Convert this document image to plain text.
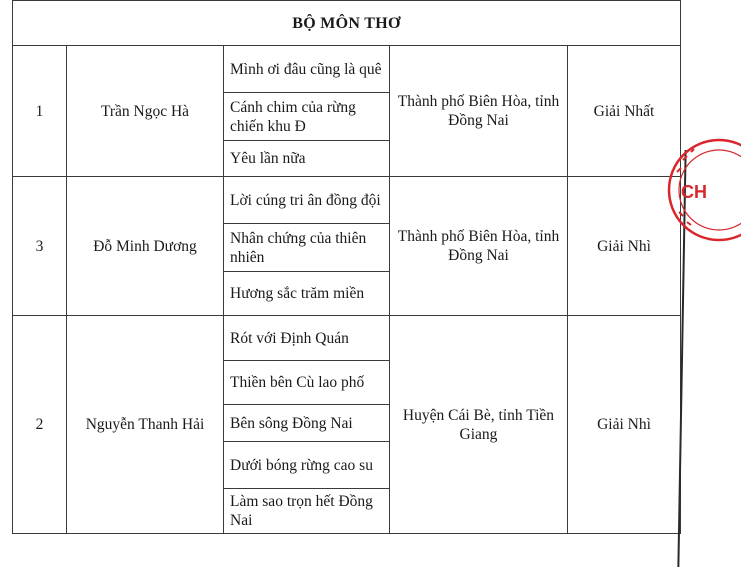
BỘ MÔN THƠ				
1	Trần Ngọc Hà	Mình ơi đâu cũng là quê	Thành phố Biên Hòa, tỉnh Đồng Nai	Giải Nhất
		Cánh chim của rừng chiến khu Đ		
		Yêu lần nữa		
3	Đỗ Minh Dương	Lời cúng tri ân đồng đội	Thành phố Biên Hòa, tỉnh Đồng Nai	Giải Nhì
		Nhân chứng của thiên nhiên		
		Hương sắc trăm miền		
2	Nguyễn Thanh Hải	Rót với Định Quán	Huyện Cái Bè, tỉnh Tiền Giang	Giải Nhì
		Thiền bên Cù lao phố		
		Bên sông Đồng Nai		
		Dưới bóng rừng cao su		
		Làm sao trọn hết Đồng Nai		
CH
